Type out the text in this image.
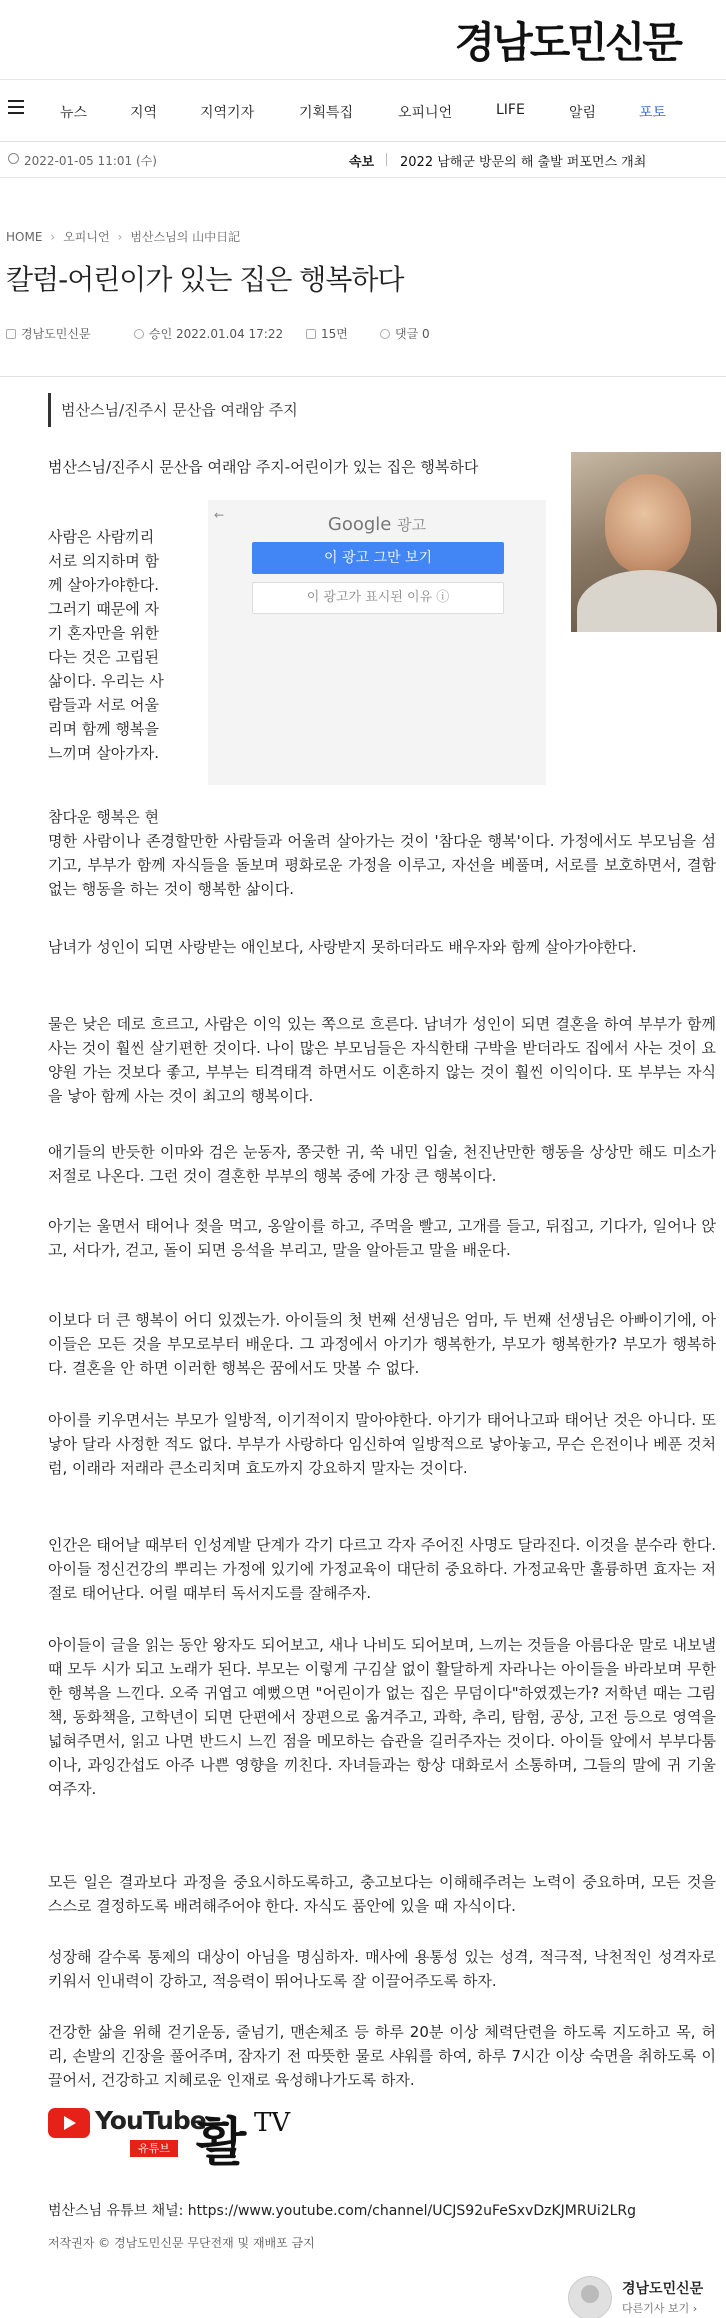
경남도민신문
뉴스	지역	지역기자	기획특집	오피니언	LIFE	알림	포토
2022-01-05 11:01 (수)	속보 2022 남해군 방문의 해 출발 퍼포먼스 개최
HOME › 오피니언 › 범산스님의 山中日記
칼럼-어린이가 있는 집은 행복하다
경남도민신문	승인 2022.01.04 17:22	15면	댓글 0
범산스님/진주시 문산읍 여래암 주지
범산스님/진주시 문산읍 여래암 주지-어린이가 있는 집은 행복하다
사람은 사람끼리
서로 의지하며 함
께 살아가야한다.
그러기 때문에 자
기 혼자만을 위한
다는 것은 고립된
삶이다. 우리는 사
람들과 서로 어울
리며 함께 행복을
느끼며 살아가자.
←	Google 광고
이 광고 그만 보기
이 광고가 표시된 이유 ⓘ
참다운 행복은 현
명한 사람이나 존경할만한 사람들과 어울려 살아가는 것이 '참다운 행복'이다. 가정에서도 부모님을 섬기고, 부부가 함께 자식들을 돌보며 평화로운 가정을 이루고, 자선을 베풀며, 서로를 보호하면서, 결함 없는 행동을 하는 것이 행복한 삶이다.
남녀가 성인이 되면 사랑받는 애인보다, 사랑받지 못하더라도 배우자와 함께 살아가야한다.
물은 낮은 데로 흐르고, 사람은 이익 있는 쪽으로 흐른다. 남녀가 성인이 되면 결혼을 하여 부부가 함께 사는 것이 훨씬 살기편한 것이다. 나이 많은 부모님들은 자식한태 구박을 받더라도 집에서 사는 것이 요양원 가는 것보다 좋고, 부부는 티격태격 하면서도 이혼하지 않는 것이 훨씬 이익이다. 또 부부는 자식을 낳아 함께 사는 것이 최고의 행복이다.
애기들의 반듯한 이마와 검은 눈동자, 쫑긋한 귀, 쑥 내민 입술, 천진난만한 행동을 상상만 해도 미소가 저절로 나온다. 그런 것이 결혼한 부부의 행복 중에 가장 큰 행복이다.
아기는 울면서 태어나 젖을 먹고, 옹알이를 하고, 주먹을 빨고, 고개를 들고, 뒤집고, 기다가, 일어나 앉고, 서다가, 걷고, 돌이 되면 응석을 부리고, 말을 알아듣고 말을 배운다.
이보다 더 큰 행복이 어디 있겠는가. 아이들의 첫 번째 선생님은 엄마, 두 번째 선생님은 아빠이기에, 아이들은 모든 것을 부모로부터 배운다. 그 과정에서 아기가 행복한가, 부모가 행복한가? 부모가 행복하다. 결혼을 안 하면 이러한 행복은 꿈에서도 맛볼 수 없다.
아이를 키우면서는 부모가 일방적, 이기적이지 말아야한다. 아기가 태어나고파 태어난 것은 아니다. 또 낳아 달라 사정한 적도 없다. 부부가 사랑하다 임신하여 일방적으로 낳아놓고, 무슨 은전이나 베푼 것처럼, 이래라 저래라 큰소리치며 효도까지 강요하지 말자는 것이다.
인간은 태어날 때부터 인성계발 단계가 각기 다르고 각자 주어진 사명도 달라진다. 이것을 분수라 한다. 아이들 정신건강의 뿌리는 가정에 있기에 가정교육이 대단히 중요하다. 가정교육만 훌륭하면 효자는 저절로 태어난다. 어릴 때부터 독서지도를 잘해주자.
아이들이 글을 읽는 동안 왕자도 되어보고, 새나 나비도 되어보며, 느끼는 것들을 아름다운 말로 내보낼 때 모두 시가 되고 노래가 된다. 부모는 이렇게 구김살 없이 활달하게 자라나는 아이들을 바라보며 무한한 행복을 느낀다. 오죽 귀엽고 예뻤으면 "어린이가 없는 집은 무덤이다"하였겠는가? 저학년 때는 그림책, 동화책을, 고학년이 되면 단편에서 장편으로 옮겨주고, 과학, 추리, 탐험, 공상, 고전 등으로 영역을 넓혀주면서, 읽고 나면 반드시 느낀 점을 메모하는 습관을 길러주자는 것이다. 아이들 앞에서 부부다툼이나, 과잉간섭도 아주 나쁜 영향을 끼친다. 자녀들과는 항상 대화로서 소통하며, 그들의 말에 귀 기울여주자.
모든 일은 결과보다 과정을 중요시하도록하고, 충고보다는 이해해주려는 노력이 중요하며, 모든 것을 스스로 결정하도록 배려해주어야 한다. 자식도 품안에 있을 때 자식이다.
성장해 갈수록 통제의 대상이 아님을 명심하자. 매사에 용통성 있는 성격, 적극적, 낙천적인 성격자로 키워서 인내력이 강하고, 적응력이 뛰어나도록 잘 이끌어주도록 하자.
건강한 삶을 위해 걷기운동, 줄넘기, 맨손체조 등 하루 20분 이상 체력단련을 하도록 지도하고 목, 허리, 손발의 긴장을 풀어주며, 잠자기 전 따뜻한 물로 샤워를 하여, 하루 7시간 이상 숙면을 취하도록 이끌어서, 건강하고 지혜로운 인재로 육성해나가도록 하자.
YouTube
유튜브 활 TV
범산스님 유튜브 채널: https://www.youtube.com/channel/UCJS92uFeSxvDzKJMRUi2LRg
저작권자 © 경남도민신문 무단전재 및 재배포 금지
경남도민신문
다른기사 보기 ›
